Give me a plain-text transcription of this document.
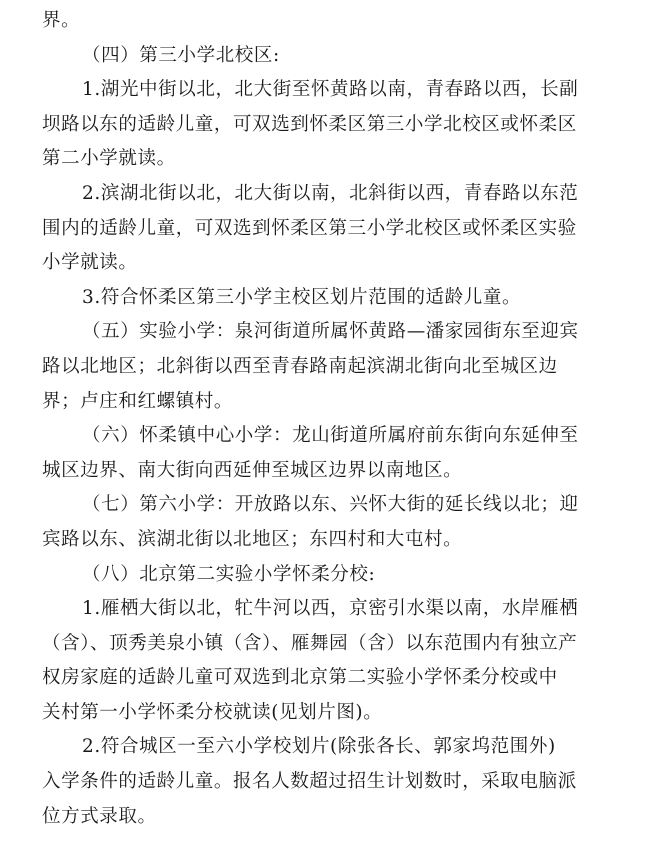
界。
（四）第三小学北校区:
1.湖光中街以北，北大街至怀黄路以南，青春路以西，长副
坝路以东的适龄儿童，可双选到怀柔区第三小学北校区或怀柔区
第二小学就读。
2.滨湖北街以北，北大街以南，北斜街以西，青春路以东范
围内的适龄儿童，可双选到怀柔区第三小学北校区或怀柔区实验
小学就读。
3.符合怀柔区第三小学主校区划片范围的适龄儿童。
（五）实验小学：泉河街道所属怀黄路—潘家园街东至迎宾
路以北地区；北斜街以西至青春路南起滨湖北街向北至城区边
界；卢庄和红螺镇村。
（六）怀柔镇中心小学：龙山街道所属府前东街向东延伸至
城区边界、南大街向西延伸至城区边界以南地区。
（七）第六小学：开放路以东、兴怀大街的延长线以北；迎
宾路以东、滨湖北街以北地区；东四村和大屯村。
（八）北京第二实验小学怀柔分校:
1.雁栖大街以北，牤牛河以西，京密引水渠以南，水岸雁栖
（含）、顶秀美泉小镇（含）、雁舞园（含）以东范围内有独立产
权房家庭的适龄儿童可双选到北京第二实验小学怀柔分校或中
关村第一小学怀柔分校就读(见划片图)。
2.符合城区一至六小学校划片(除张各长、郭家坞范围外)
入学条件的适龄儿童。报名人数超过招生计划数时，采取电脑派
位方式录取。
